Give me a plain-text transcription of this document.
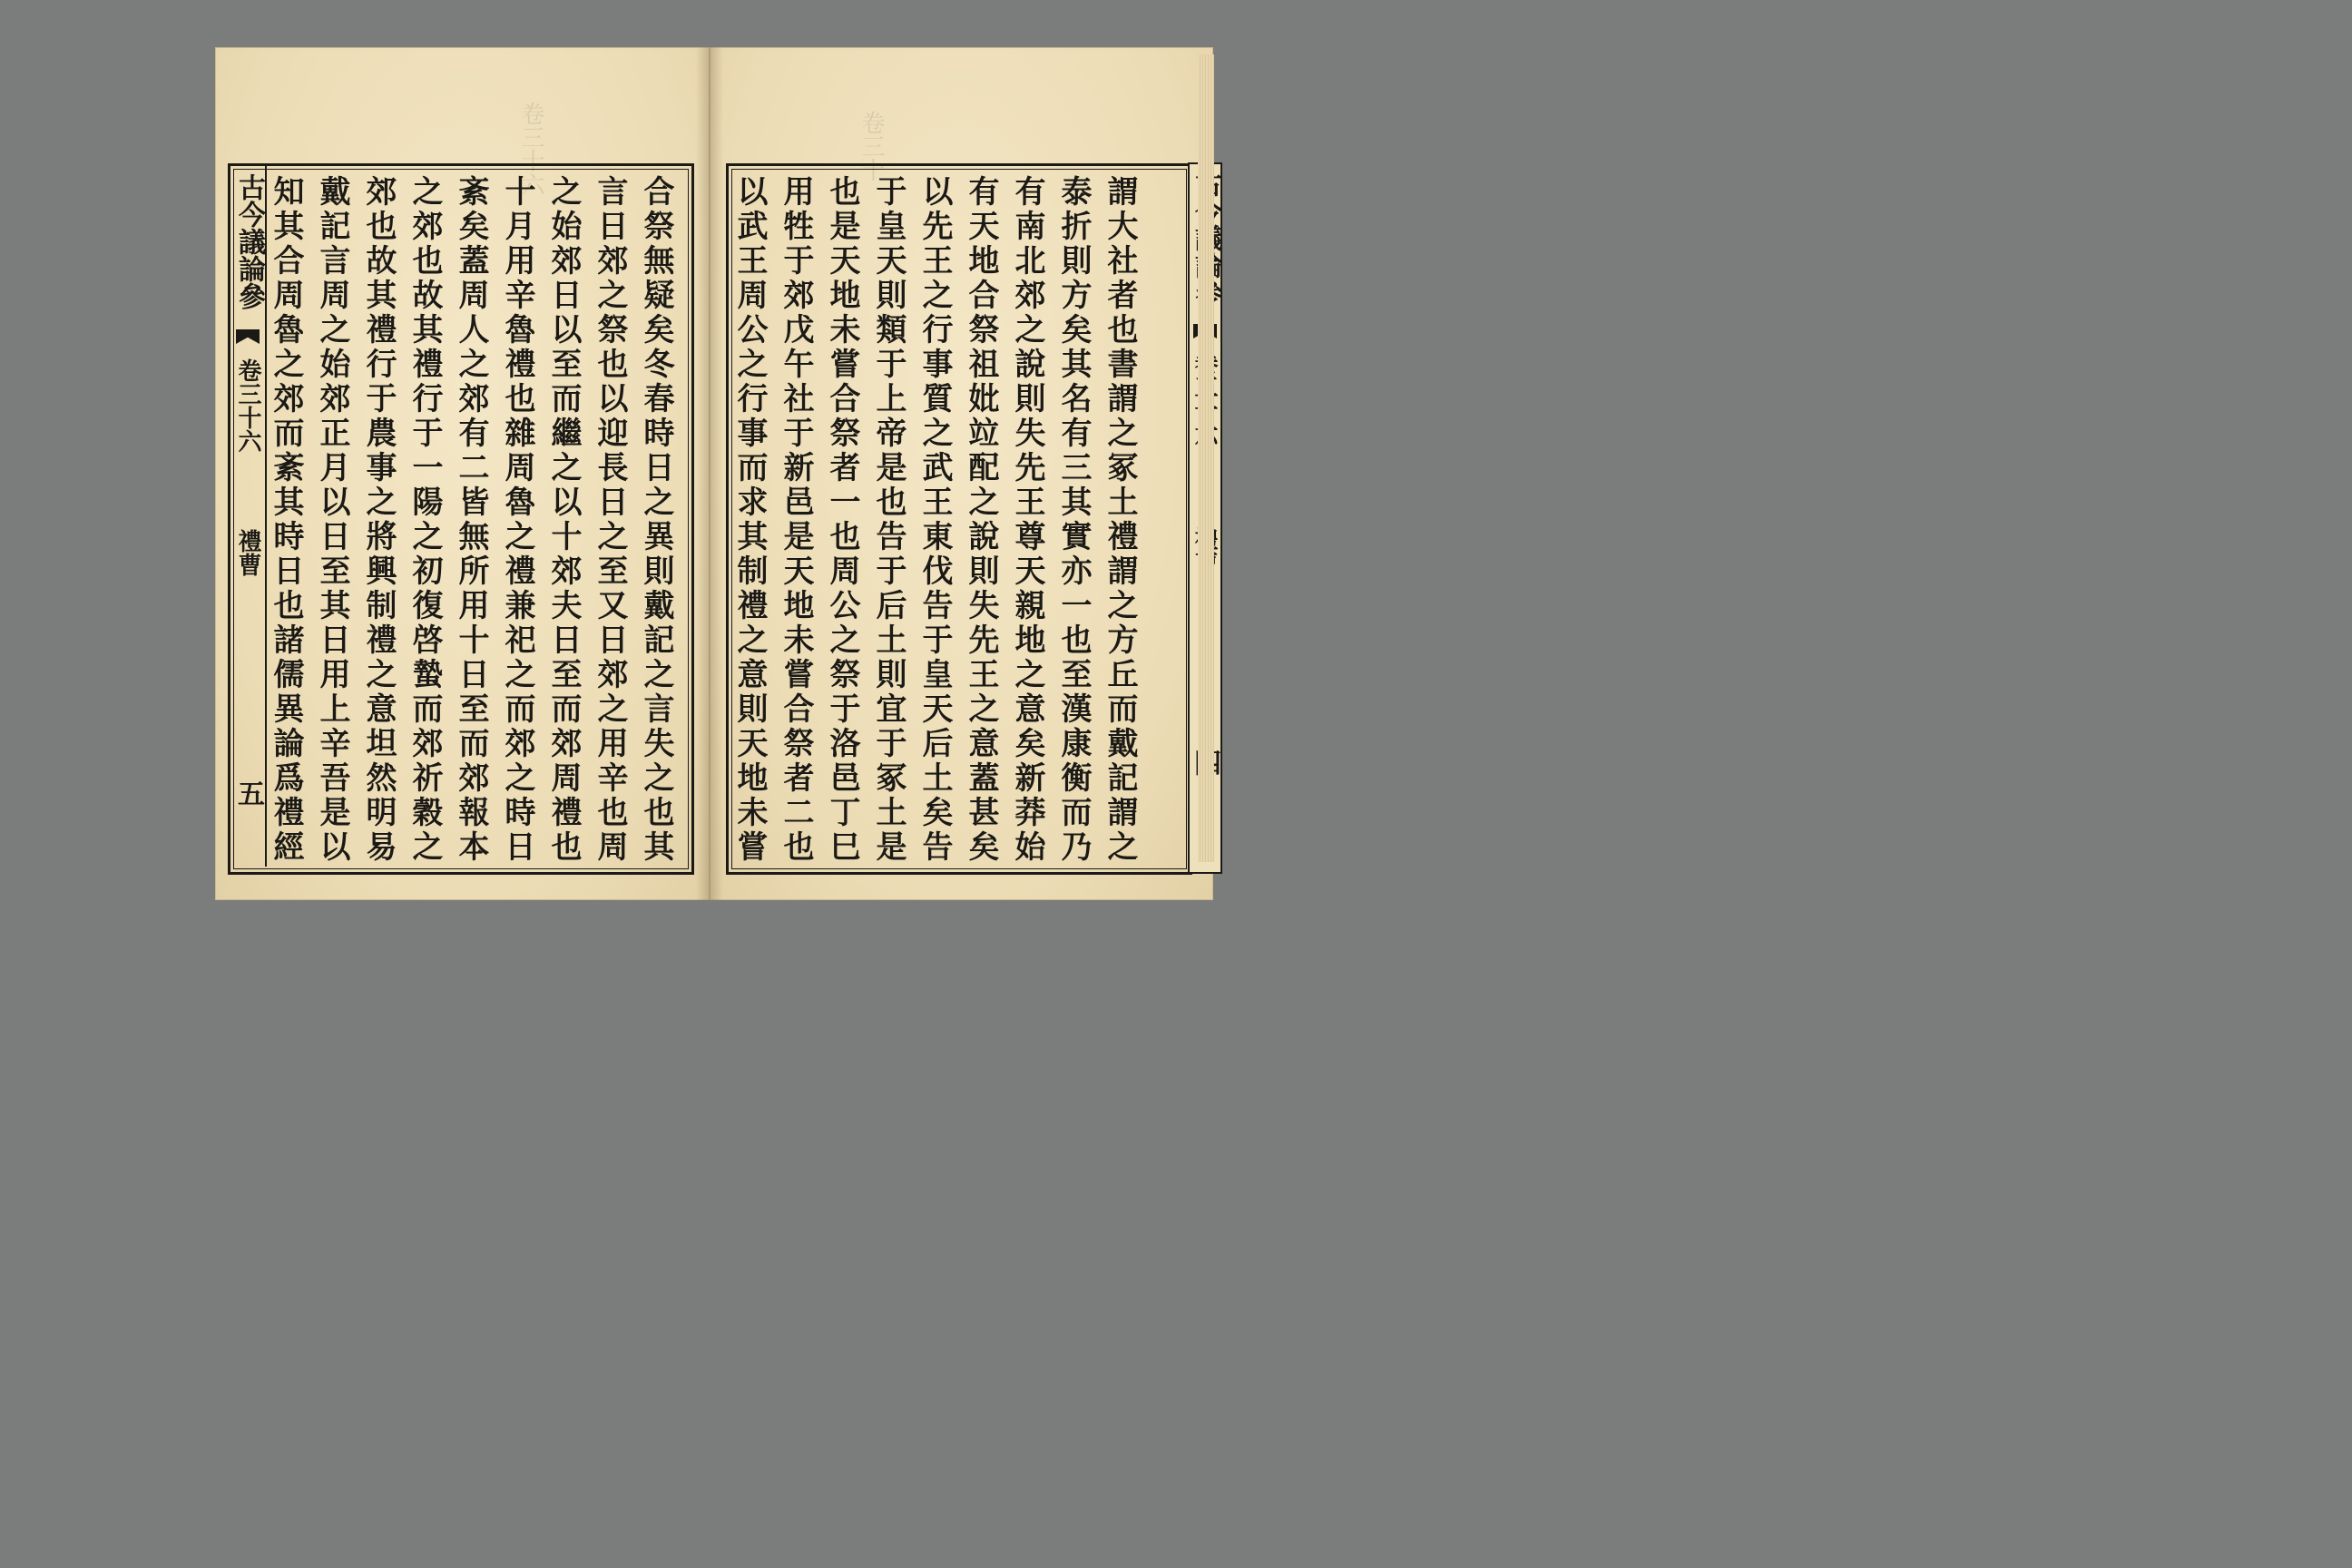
合祭無疑矣冬春時日之異則戴記之言失之也其
言日郊之祭也以迎長日之至又日郊之用辛也周
之始郊日以至而繼之以十郊夫日至而郊周禮也
十月用辛魯禮也雜周魯之禮兼祀之而郊之時日
紊矣蓋周人之郊有二皆無所用十日至而郊報本
之郊也故其禮行于一陽之初復啓蟄而郊祈穀之
郊也故其禮行于農事之將興制禮之意坦然明易
戴記言周之始郊正月以日至其日用上辛吾是以
知其合周魯之郊而紊其時日也諸儒異論爲禮經
古今議論參
卷三十六
禮曹
五
卷三十六
謂大社者也書謂之冢土禮謂之方丘而戴記謂之
泰折則方矣其名有三其實亦一也至漢康衡而乃
有南北郊之說則失先王尊天親地之意矣新莽始
有天地合祭祖妣竝配之說則失先王之意蓋甚矣
以先王之行事質之武王東伐告于皇天后土矣告
于皇天則類于上帝是也告于后土則宜于冢土是
也是天地未嘗合祭者一也周公之祭于洛邑丁巳
用牲于郊戊午社于新邑是天地未嘗合祭者二也
以武王周公之行事而求其制禮之意則天地未嘗
卷三十
